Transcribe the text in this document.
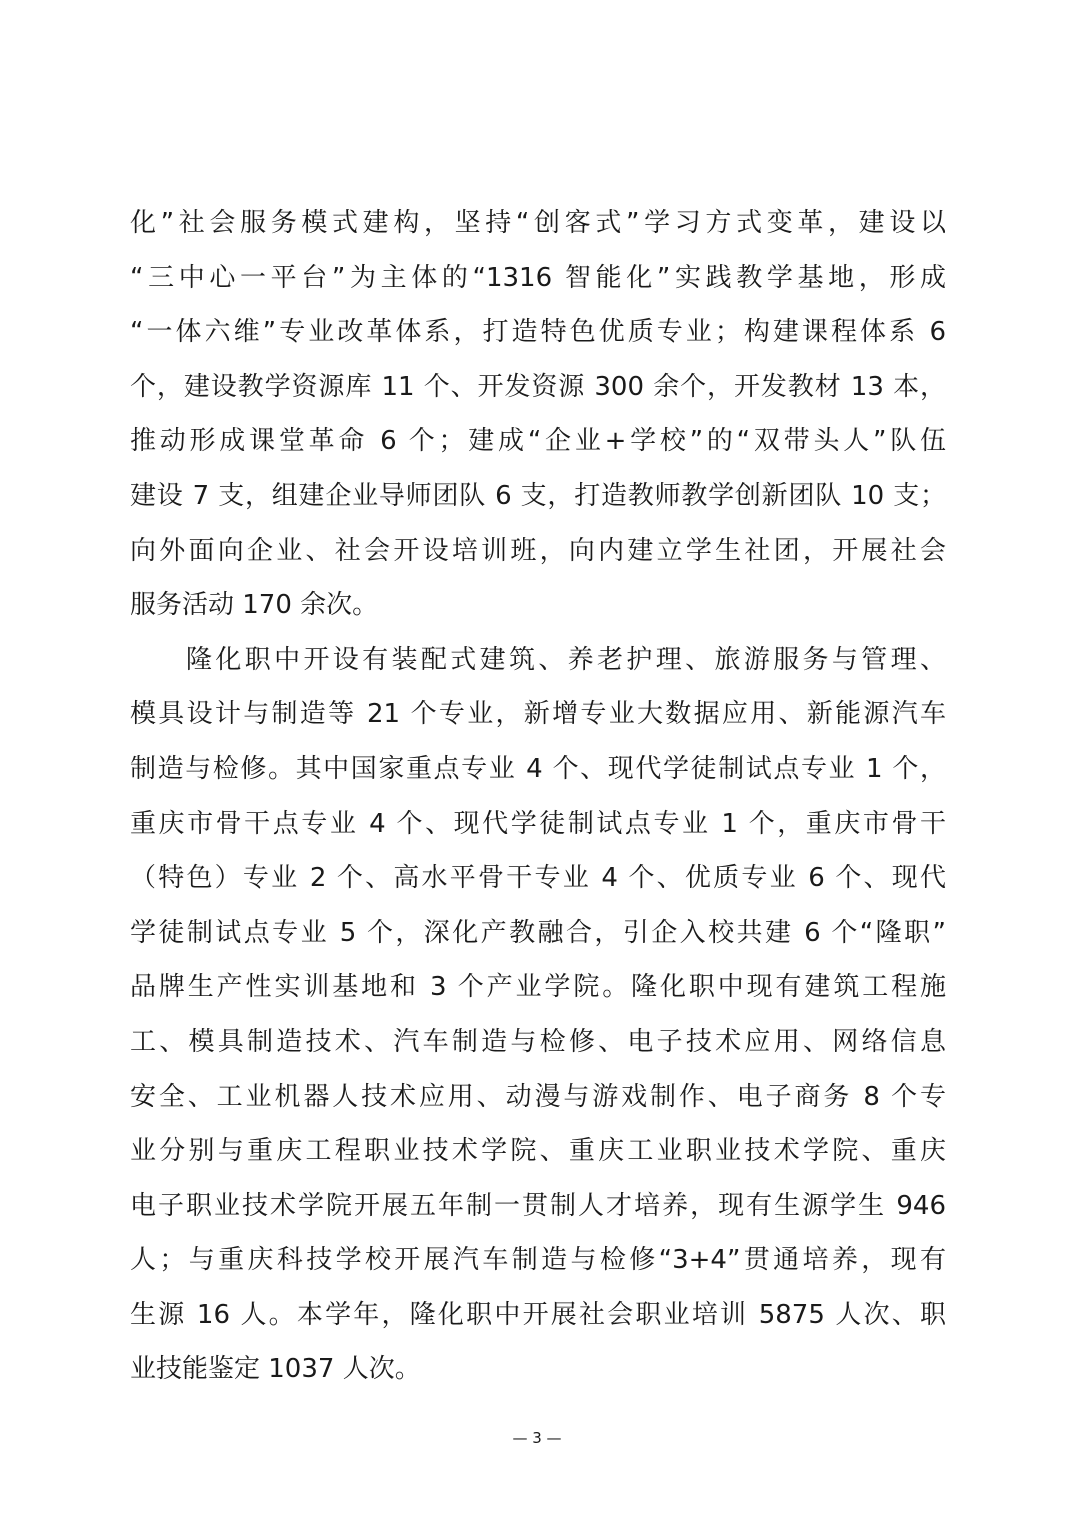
化”社会服务模式建构，坚持“创客式”学习方式变革，建设以
“三中心一平台”为主体的“1316 智能化”实践教学基地，形成
“一体六维”专业改革体系，打造特色优质专业；构建课程体系 6
个，建设教学资源库 11 个、开发资源 300 余个，开发教材 13 本，
推动形成课堂革命 6 个；建成“企业+学校”的“双带头人”队伍
建设 7 支，组建企业导师团队 6 支，打造教师教学创新团队 10 支；
向外面向企业、社会开设培训班，向内建立学生社团，开展社会
服务活动 170 余次。
隆化职中开设有装配式建筑、养老护理、旅游服务与管理、
模具设计与制造等 21 个专业，新增专业大数据应用、新能源汽车
制造与检修。其中国家重点专业 4 个、现代学徒制试点专业 1 个，
重庆市骨干点专业 4 个、现代学徒制试点专业 1 个，重庆市骨干
（特色）专业 2 个、高水平骨干专业 4 个、优质专业 6 个、现代
学徒制试点专业 5 个，深化产教融合，引企入校共建 6 个“隆职”
品牌生产性实训基地和 3 个产业学院。隆化职中现有建筑工程施
工、模具制造技术、汽车制造与检修、电子技术应用、网络信息
安全、工业机器人技术应用、动漫与游戏制作、电子商务 8 个专
业分别与重庆工程职业技术学院、重庆工业职业技术学院、重庆
电子职业技术学院开展五年制一贯制人才培养，现有生源学生 946
人；与重庆科技学校开展汽车制造与检修“3+4”贯通培养，现有
生源 16 人。本学年，隆化职中开展社会职业培训 5875 人次、职
业技能鉴定 1037 人次。
— 3 —
